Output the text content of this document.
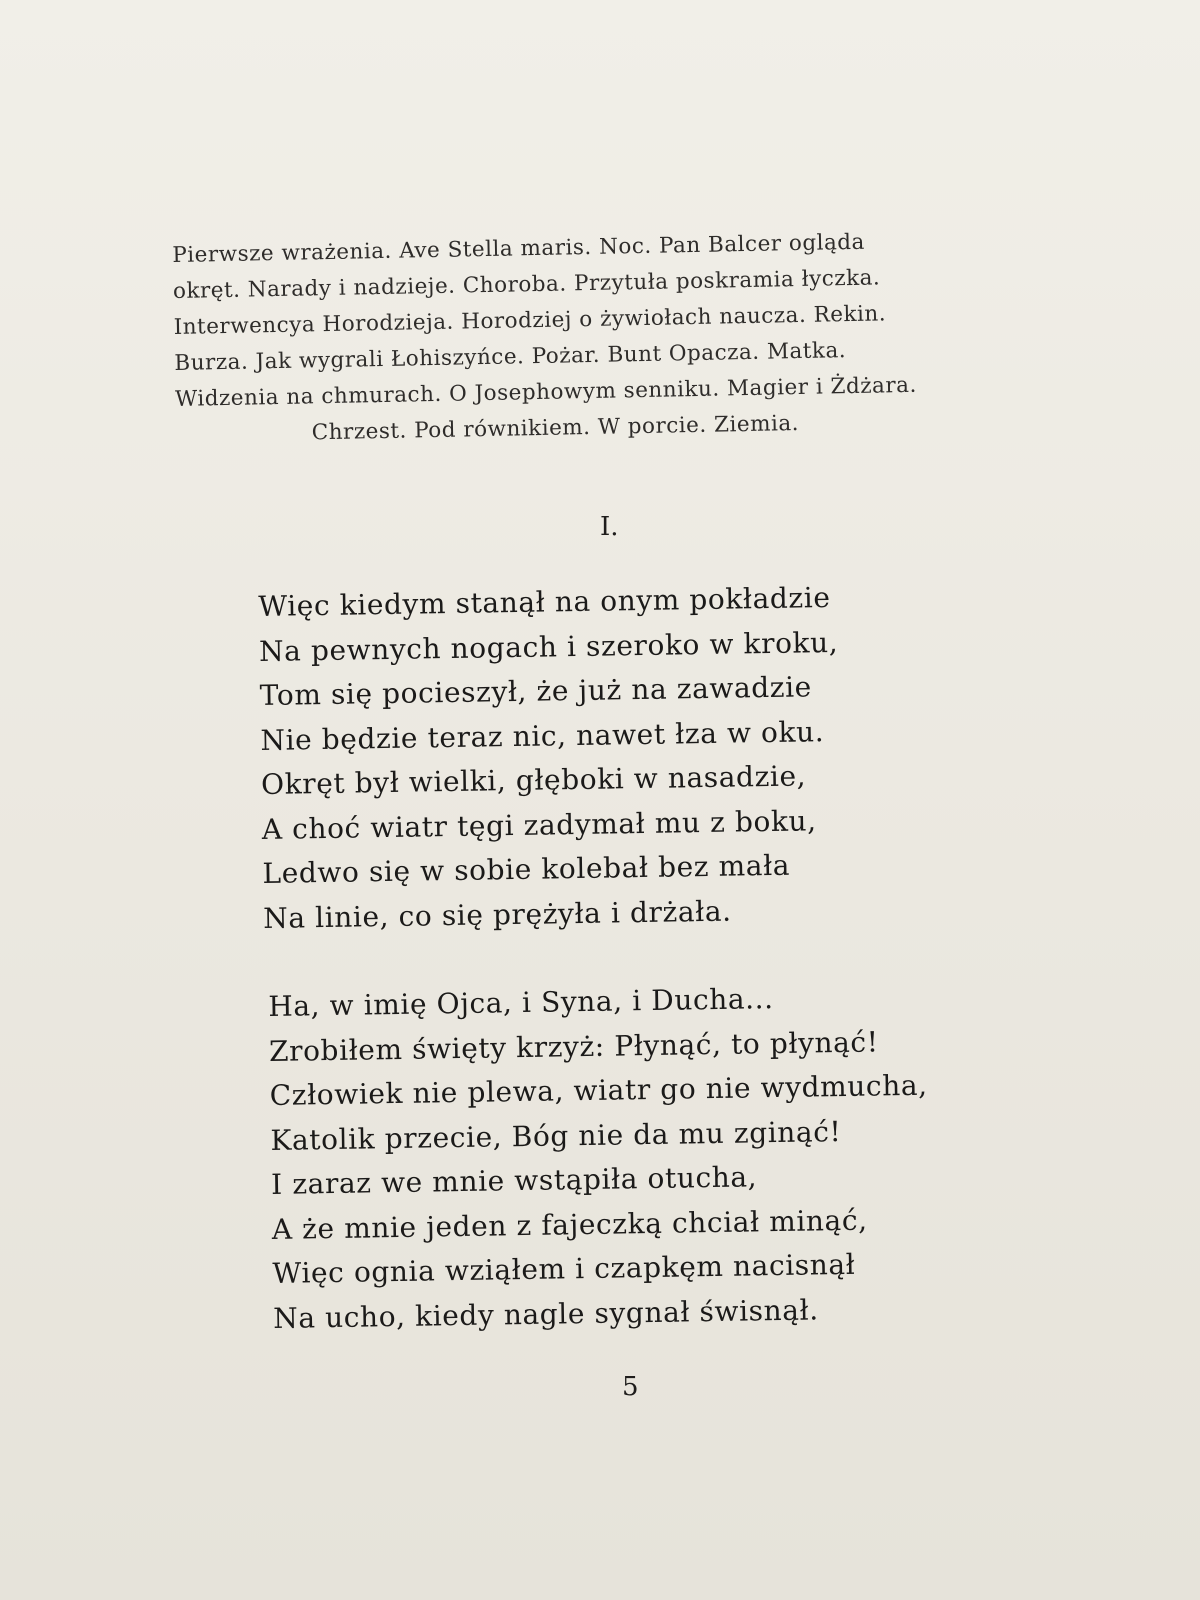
Pierwsze wrażenia. Ave Stella maris. Noc. Pan Balcer ogląda
okręt. Narady i nadzieje. Choroba. Przytuła poskramia łyczka.
Interwencya Horodzieja. Horodziej o żywiołach naucza. Rekin.
Burza. Jak wygrali Łohiszyńce. Pożar. Bunt Opacza. Matka.
Widzenia na chmurach. O Josephowym senniku. Magier i Żdżara.
Chrzest. Pod równikiem. W porcie. Ziemia.

I.

Więc kiedym stanął na onym pokładzie
Na pewnych nogach i szeroko w kroku,
Tom się pocieszył, że już na zawadzie
Nie będzie teraz nic, nawet łza w oku.
Okręt był wielki, głęboki w nasadzie,
A choć wiatr tęgi zadymał mu z boku,
Ledwo się w sobie kolebał bez mała
Na linie, co się prężyła i drżała.

Ha, w imię Ojca, i Syna, i Ducha...
Zrobiłem święty krzyż: Płynąć, to płynąć!
Człowiek nie plewa, wiatr go nie wydmucha,
Katolik przecie, Bóg nie da mu zginąć!
I zaraz we mnie wstąpiła otucha,
A że mnie jeden z fajeczką chciał minąć,
Więc ognia wziąłem i czapkęm nacisnął
Na ucho, kiedy nagle sygnał świsnął.

5
